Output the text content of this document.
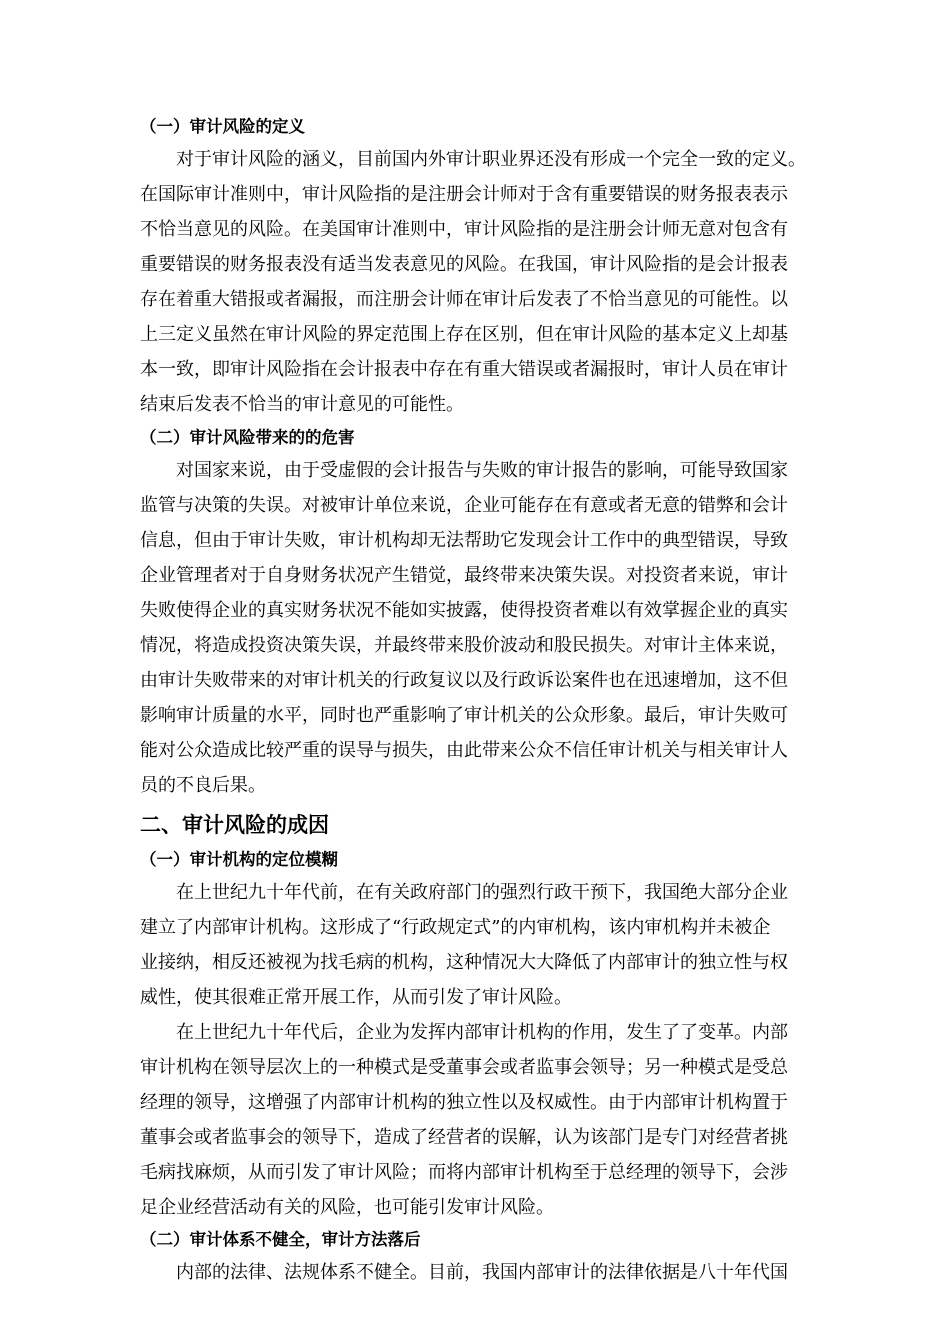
（一）审计风险的定义
对于审计风险的涵义，目前国内外审计职业界还没有形成一个完全一致的定义。
在国际审计准则中，审计风险指的是注册会计师对于含有重要错误的财务报表表示
不恰当意见的风险。在美国审计准则中，审计风险指的是注册会计师无意对包含有
重要错误的财务报表没有适当发表意见的风险。在我国，审计风险指的是会计报表
存在着重大错报或者漏报，而注册会计师在审计后发表了不恰当意见的可能性。以
上三定义虽然在审计风险的界定范围上存在区别，但在审计风险的基本定义上却基
本一致，即审计风险指在会计报表中存在有重大错误或者漏报时，审计人员在审计
结束后发表不恰当的审计意见的可能性。
（二）审计风险带来的的危害
对国家来说，由于受虚假的会计报告与失败的审计报告的影响，可能导致国家
监管与决策的失误。对被审计单位来说，企业可能存在有意或者无意的错弊和会计
信息，但由于审计失败，审计机构却无法帮助它发现会计工作中的典型错误，导致
企业管理者对于自身财务状况产生错觉，最终带来决策失误。对投资者来说，审计
失败使得企业的真实财务状况不能如实披露，使得投资者难以有效掌握企业的真实
情况，将造成投资决策失误，并最终带来股价波动和股民损失。对审计主体来说，
由审计失败带来的对审计机关的行政复议以及行政诉讼案件也在迅速增加，这不但
影响审计质量的水平，同时也严重影响了审计机关的公众形象。最后，审计失败可
能对公众造成比较严重的误导与损失，由此带来公众不信任审计机关与相关审计人
员的不良后果。
二、审计风险的成因
（一）审计机构的定位模糊
在上世纪九十年代前，在有关政府部门的强烈行政干预下，我国绝大部分企业
建立了内部审计机构。这形成了“行政规定式”的内审机构，该内审机构并未被企
业接纳，相反还被视为找毛病的机构，这种情况大大降低了内部审计的独立性与权
威性，使其很难正常开展工作，从而引发了审计风险。
在上世纪九十年代后，企业为发挥内部审计机构的作用，发生了了变革。内部
审计机构在领导层次上的一种模式是受董事会或者监事会领导；另一种模式是受总
经理的领导，这增强了内部审计机构的独立性以及权威性。由于内部审计机构置于
董事会或者监事会的领导下，造成了经营者的误解，认为该部门是专门对经营者挑
毛病找麻烦，从而引发了审计风险；而将内部审计机构至于总经理的领导下，会涉
足企业经营活动有关的风险，也可能引发审计风险。
（二）审计体系不健全，审计方法落后
内部的法律、法规体系不健全。目前，我国内部审计的法律依据是八十年代国
